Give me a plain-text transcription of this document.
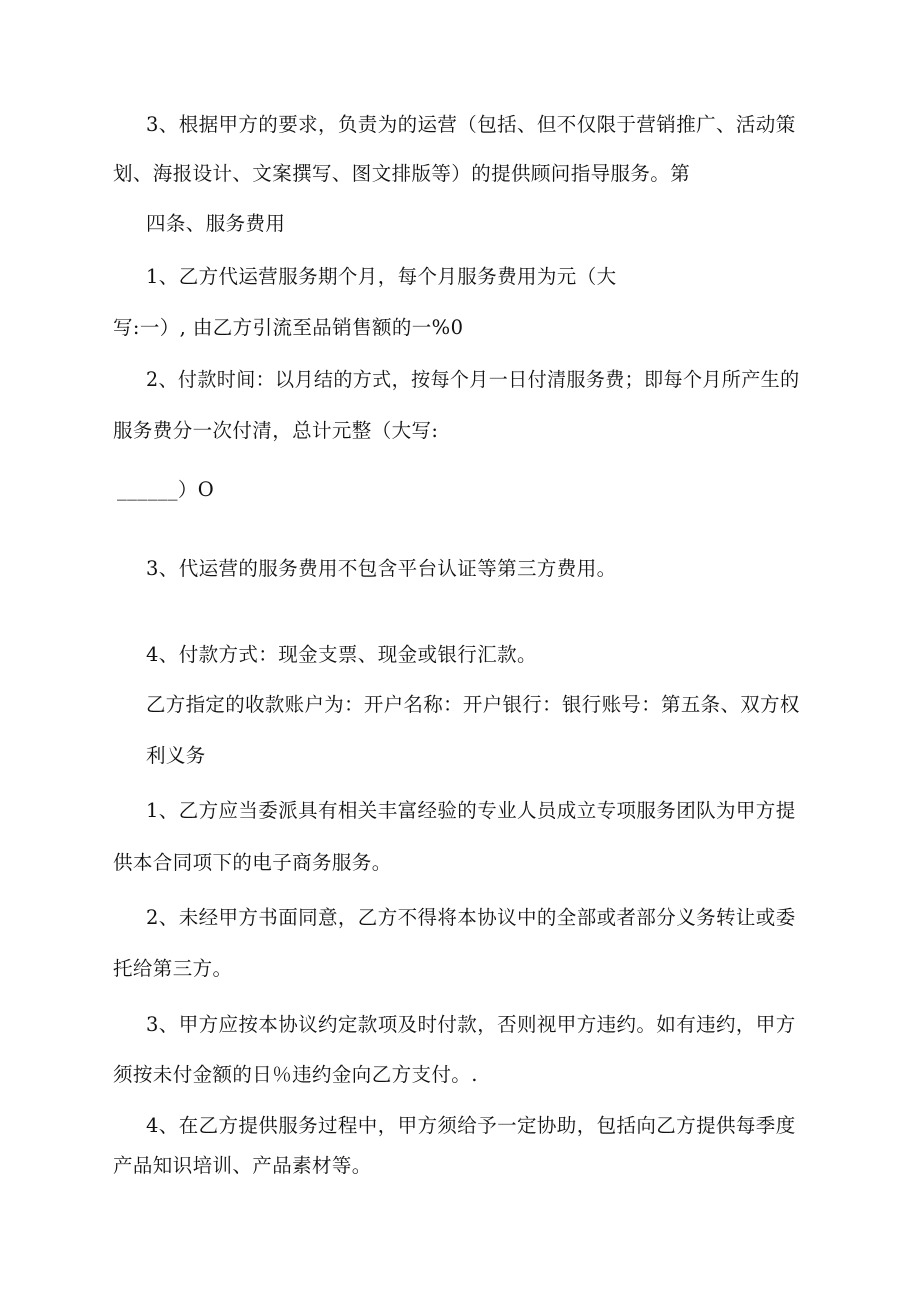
3、根据甲方的要求，负责为的运营（包括、但不仅限于营销推广、活动策
划、海报设计、文案撰写、图文排版等）的提供顾问指导服务。第
四条、服务费用
1、乙方代运营服务期个月，每个月服务费用为元（大
写:一）, 由乙方引流至品销售额的一%0
2、付款时间：以月结的方式，按每个月一日付清服务费；即每个月所产生的
服务费分一次付清，总计元整（大写:
______）O
3、代运营的服务费用不包含平台认证等第三方费用。
4、付款方式：现金支票、现金或银行汇款。
乙方指定的收款账户为：开户名称：开户银行：银行账号：第五条、双方权
利义务
1、乙方应当委派具有相关丰富经验的专业人员成立专项服务团队为甲方提
供本合同项下的电子商务服务。
2、未经甲方书面同意，乙方不得将本协议中的全部或者部分义务转让或委
托给第三方。
3、甲方应按本协议约定款项及时付款，否则视甲方违约。如有违约，甲方
须按未付金额的日％违约金向乙方支付。.
4、在乙方提供服务过程中，甲方须给予一定协助，包括向乙方提供每季度
产品知识培训、产品素材等。
